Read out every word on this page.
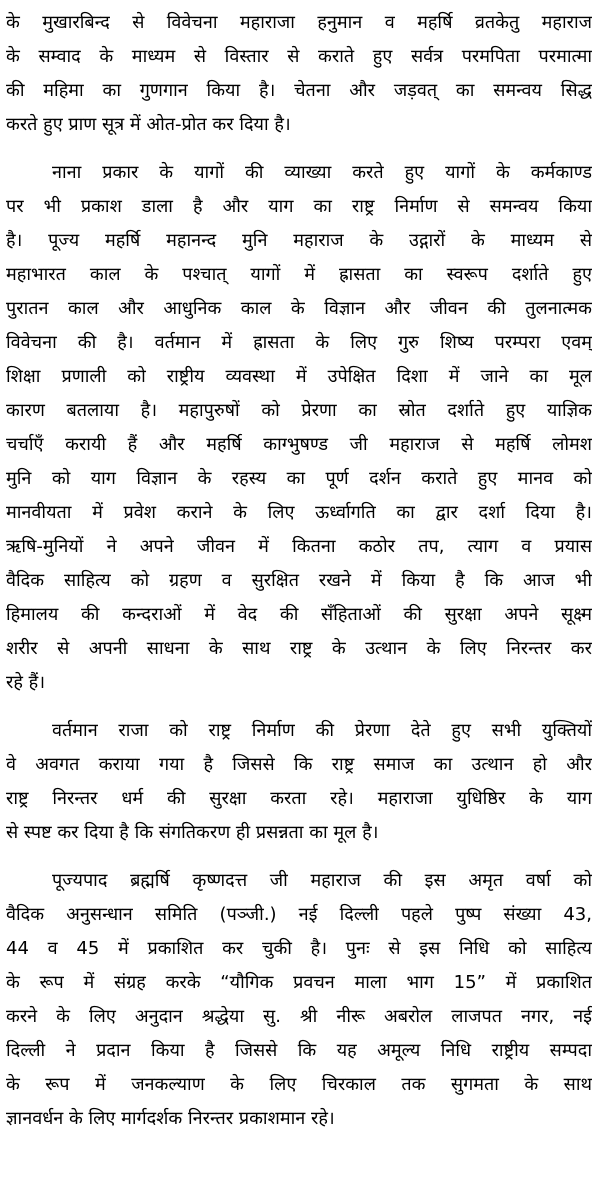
के मुखारबिन्द से विवेचना महाराजा हनुमान व महर्षि व्रतकेतु महाराज
के सम्वाद के माध्यम से विस्तार से कराते हुए सर्वत्र परमपिता परमात्मा
की महिमा का गुणगान किया है। चेतना और जड़वत् का समन्वय सिद्ध
करते हुए प्राण सूत्र में ओत-प्रोत कर दिया है।
नाना प्रकार के यागों की व्याख्या करते हुए यागों के कर्मकाण्ड
पर भी प्रकाश डाला है और याग का राष्ट्र निर्माण से समन्वय किया
है। पूज्य महर्षि महानन्द मुनि महाराज के उद्गारों के माध्यम से
महाभारत काल के पश्चात् यागों में ह्रासता का स्वरूप दर्शाते हुए
पुरातन काल और आधुनिक काल के विज्ञान और जीवन की तुलनात्मक
विवेचना की है। वर्तमान में ह्रासता के लिए गुरु शिष्य परम्परा एवम्
शिक्षा प्रणाली को राष्ट्रीय व्यवस्था में उपेक्षित दिशा में जाने का मूल
कारण बतलाया है। महापुरुषों को प्रेरणा का स्रोत दर्शाते हुए याज्ञिक
चर्चाएँ करायी हैं और महर्षि काग्भुषण्ड जी महाराज से महर्षि लोमश
मुनि को याग विज्ञान के रहस्य का पूर्ण दर्शन कराते हुए मानव को
मानवीयता में प्रवेश कराने के लिए ऊर्ध्वागति का द्वार दर्शा दिया है।
ऋषि-मुनियों ने अपने जीवन में कितना कठोर तप, त्याग व प्रयास
वैदिक साहित्य को ग्रहण व सुरक्षित रखने में किया है कि आज भी
हिमालय की कन्दराओं में वेद की सँहिताओं की सुरक्षा अपने सूक्ष्म
शरीर से अपनी साधना के साथ राष्ट्र के उत्थान के लिए निरन्तर कर
रहे हैं।
वर्तमान राजा को राष्ट्र निर्माण की प्रेरणा देते हुए सभी युक्तियों
वे अवगत कराया गया है जिससे कि राष्ट्र समाज का उत्थान हो और
राष्ट्र निरन्तर धर्म की सुरक्षा करता रहे। महाराजा युधिष्ठिर के याग
से स्पष्ट कर दिया है कि संगतिकरण ही प्रसन्नता का मूल है।
पूज्यपाद ब्रह्मर्षि कृष्णदत्त जी महाराज की इस अमृत वर्षा को
वैदिक अनुसन्धान समिति (पञ्जी.) नई दिल्ली पहले पुष्प संख्या 43,
44 व 45 में प्रकाशित कर चुकी है। पुनः से इस निधि को साहित्य
के रूप में संग्रह करके “यौगिक प्रवचन माला भाग 15” में प्रकाशित
करने के लिए अनुदान श्रद्धेया सु. श्री नीरू अबरोल लाजपत नगर, नई
दिल्ली ने प्रदान किया है जिससे कि यह अमूल्य निधि राष्ट्रीय सम्पदा
के रूप में जनकल्याण के लिए चिरकाल तक सुगमता के साथ
ज्ञानवर्धन के लिए मार्गदर्शक निरन्तर प्रकाशमान रहे।
